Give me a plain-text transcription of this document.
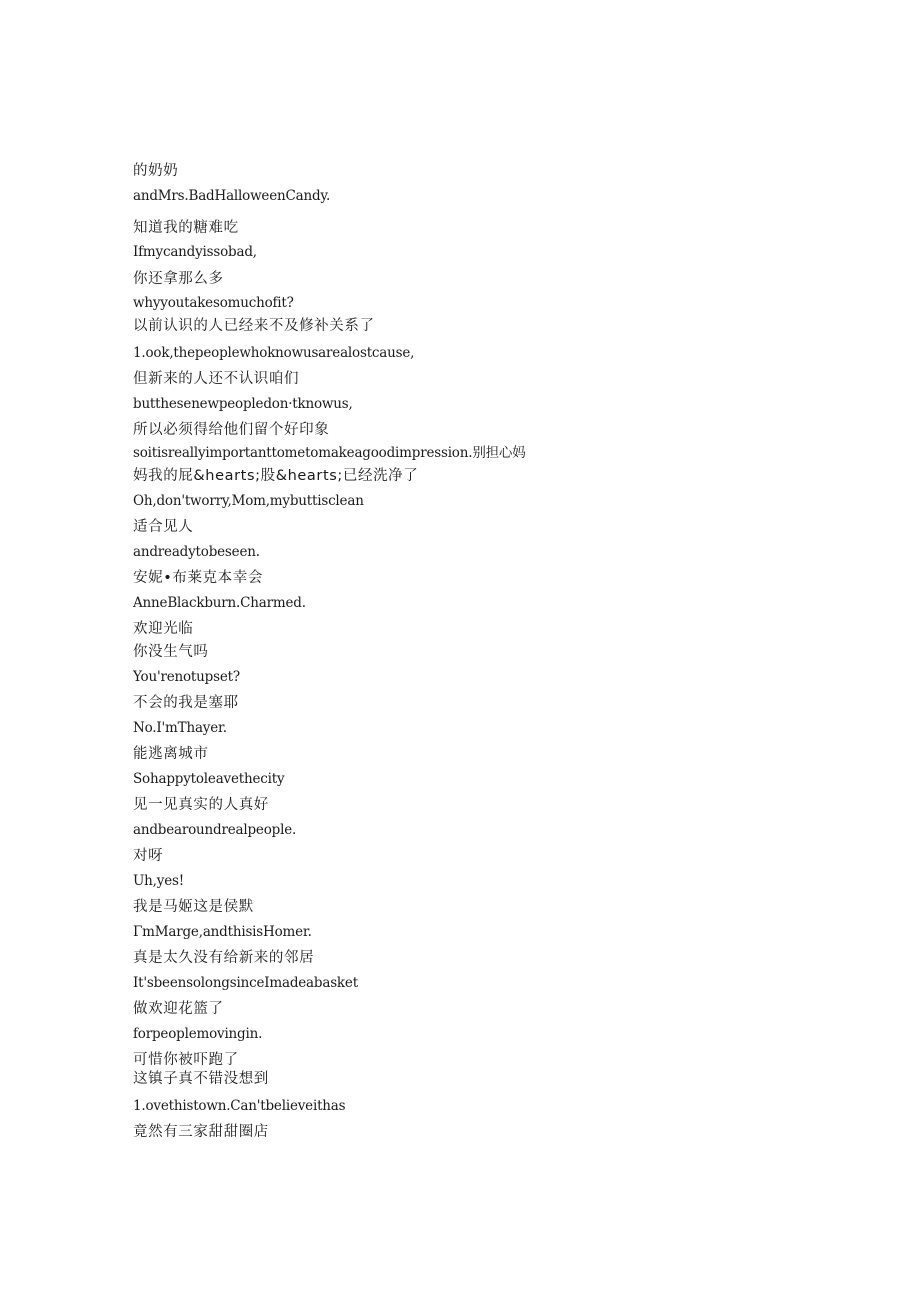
的奶奶
andMrs.BadHalloweenCandy.
知道我的糖难吃
Ifmycandyissobad,
你还拿那么多
whyyoutakesomuchofit?
以前认识的人已经来不及修补关系了
1.ook,thepeoplewhoknowusarealostcause,
但新来的人还不认识咱们
butthesenewpeopledon·tknowus,
所以必须得给他们留个好印象
soitisreallyimportanttometomakeagoodimpression.别担心妈
妈我的屁&hearts;股&hearts;已经洗净了
Oh,don'tworry,Mom,mybuttisclean
适合见人
andreadytobeseen.
安妮•布莱克本幸会
AnneBlackburn.Charmed.
欢迎光临
你没生气吗
You'renotupset?
不会的我是塞耶
No.I'mThayer.
能逃离城市
Sohappytoleavethecity
见一见真实的人真好
andbearoundrealpeople.
对呀
Uh,yes!
我是马姬这是侯默
ΓmMarge,andthisisHomer.
真是太久没有给新来的邻居
It'sbeensolongsinceImadeabasket
做欢迎花篮了
forpeoplemovingin.
可惜你被吓跑了
这镇子真不错没想到
1.ovethistown.Can'tbelieveithas
竟然有三家甜甜圈店
